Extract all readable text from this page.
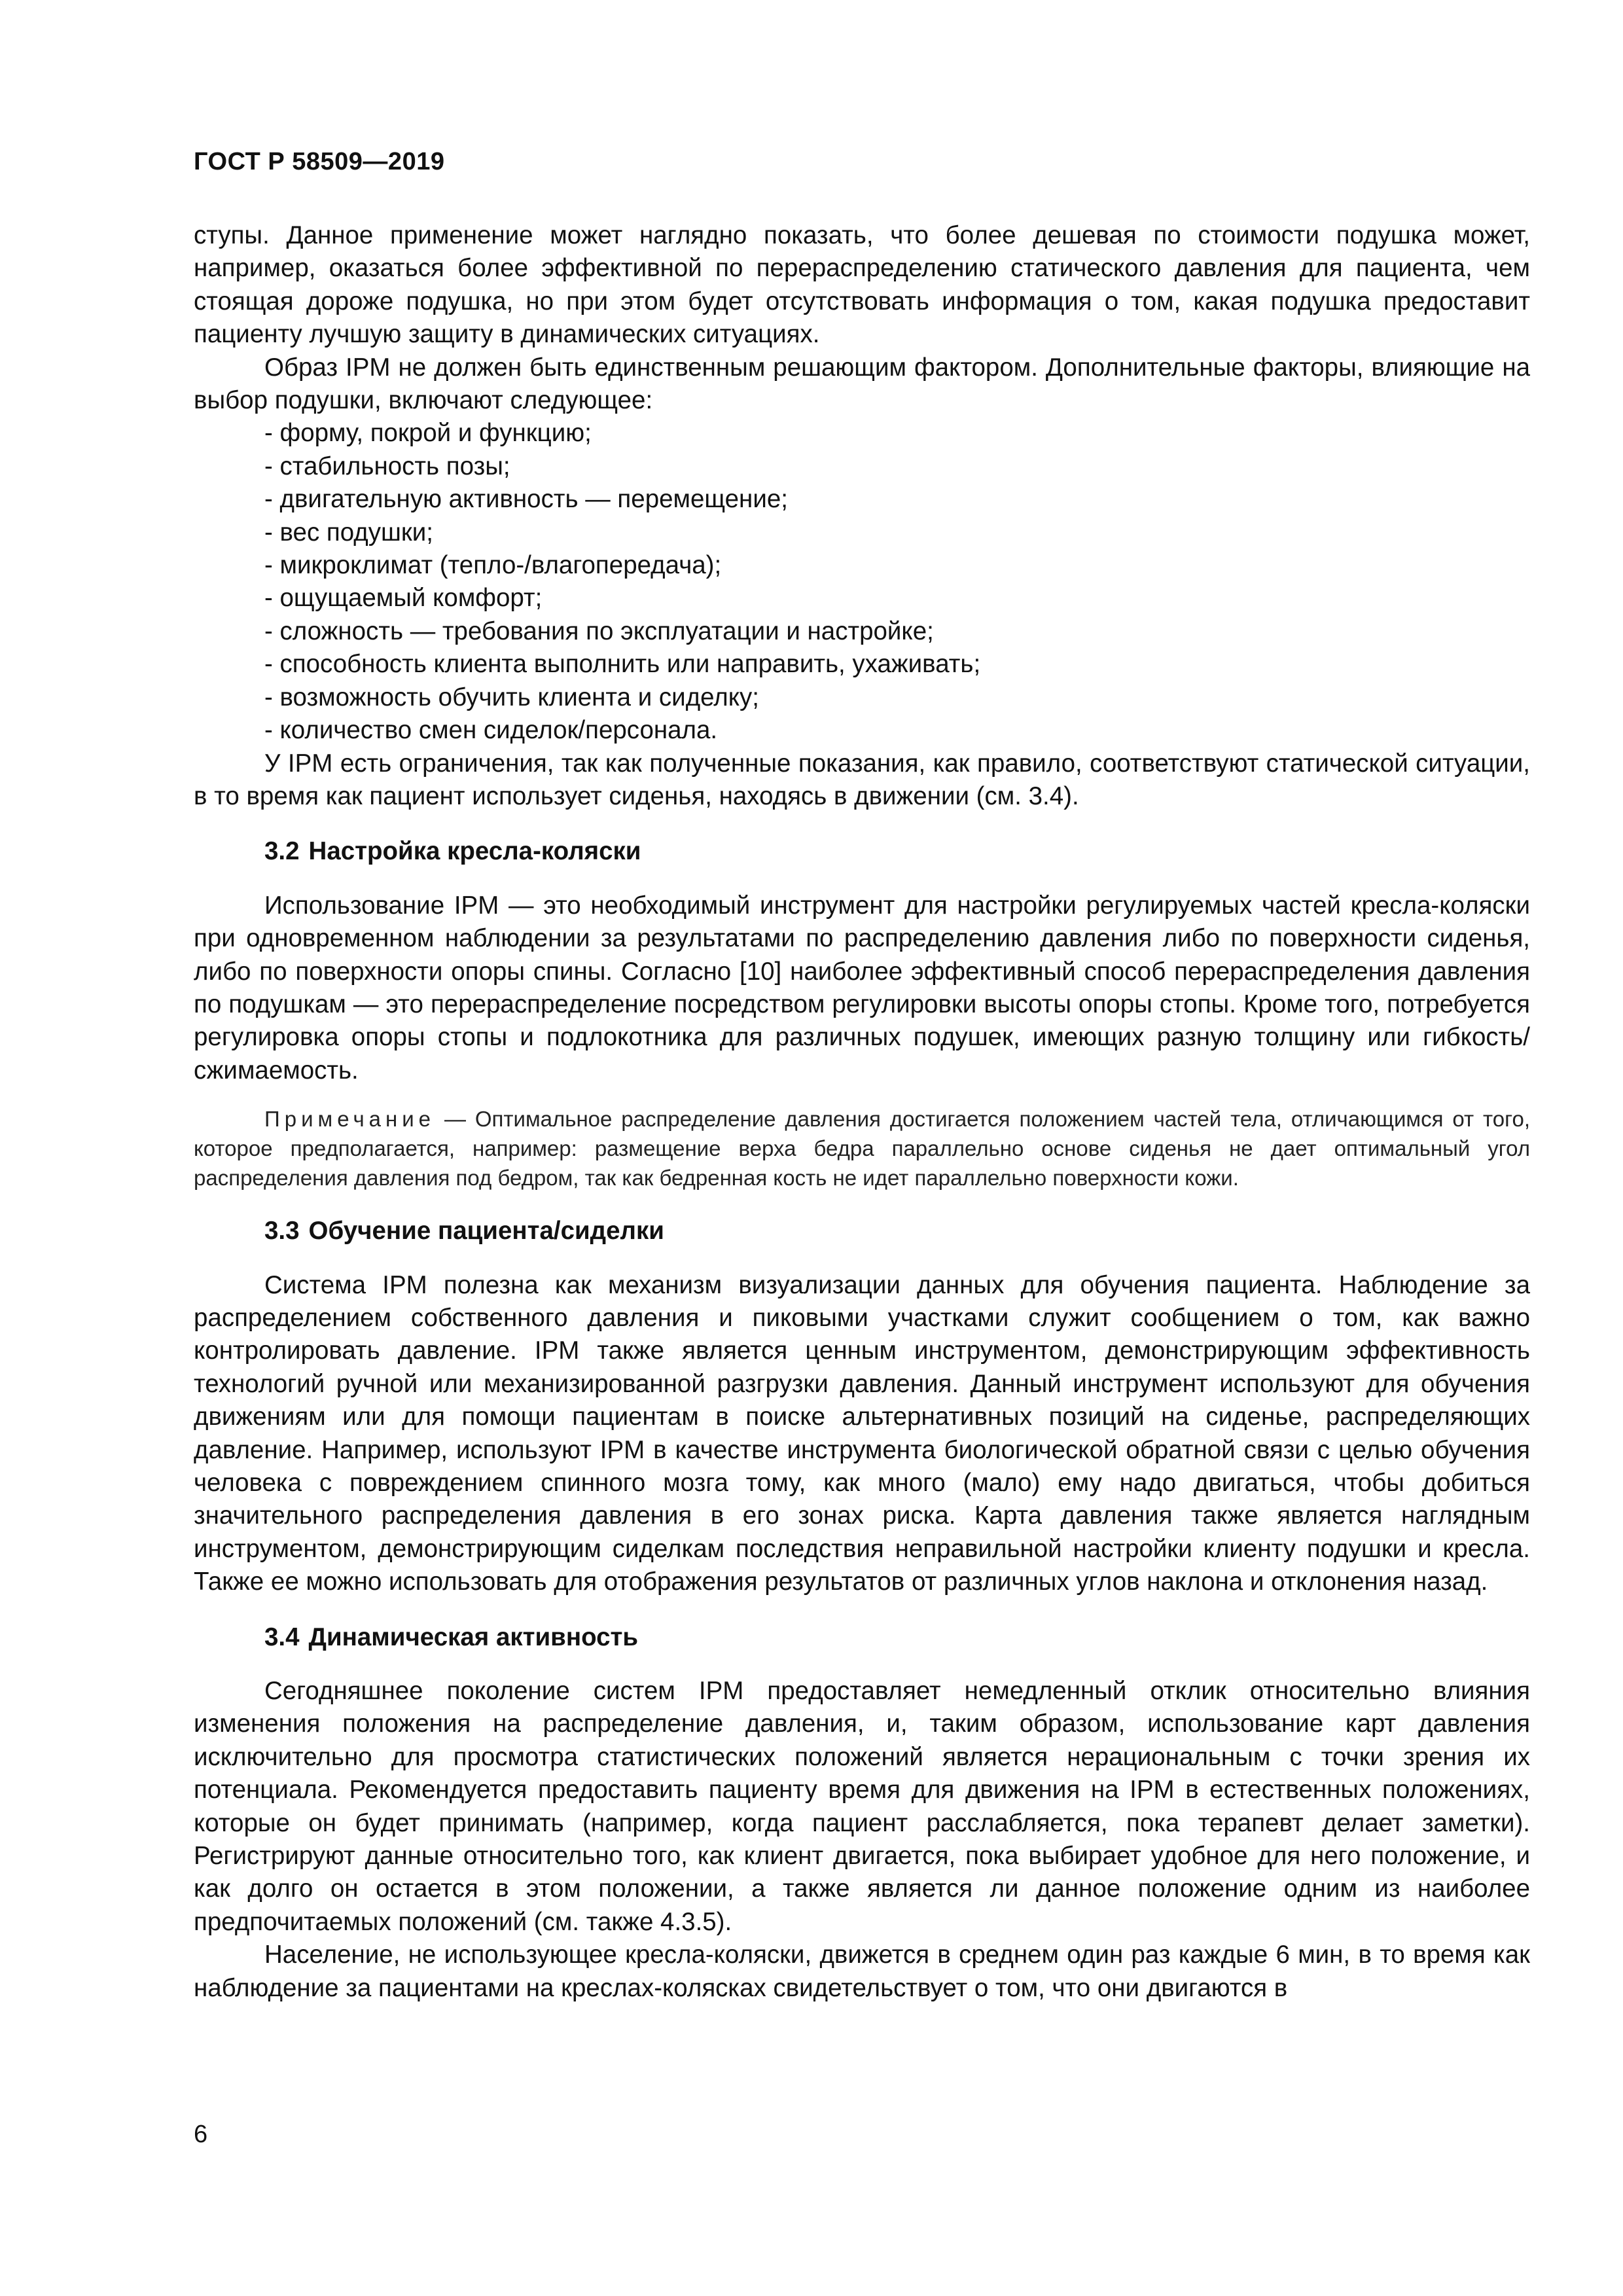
ГОСТ Р 58509—2019

ступы. Данное применение может наглядно показать, что более дешевая по стоимости подушка может, например, оказаться более эффективной по перераспределению статического давления для пациента, чем стоящая дороже подушка, но при этом будет отсутствовать информация о том, какая подушка предоставит пациенту лучшую защиту в динамических ситуациях.

Образ IPM не должен быть единственным решающим фактором. Дополнительные факторы, влияющие на выбор подушки, включают следующее:

- форму, покрой и функцию;
- стабильность позы;
- двигательную активность — перемещение;
- вес подушки;
- микроклимат (тепло-/влагопередача);
- ощущаемый комфорт;
- сложность — требования по эксплуатации и настройке;
- способность клиента выполнить или направить, ухаживать;
- возможность обучить клиента и сиделку;
- количество смен сиделок/персонала.

У IPM есть ограничения, так как полученные показания, как правило, соответствуют статической ситуации, в то время как пациент использует сиденья, находясь в движении (см. 3.4).

3.2 Настройка кресла-коляски

Использование IPM — это необходимый инструмент для настройки регулируемых частей кресла-коляски при одновременном наблюдении за результатами по распределению давления либо по поверхности сиденья, либо по поверхности опоры спины. Согласно [10] наиболее эффективный способ перераспределения давления по подушкам — это перераспределение посредством регулировки высоты опоры стопы. Кроме того, потребуется регулировка опоры стопы и подлокотника для различных подушек, имеющих разную толщину или гибкость/сжимаемость.

Примечание — Оптимальное распределение давления достигается положением частей тела, отличающимся от того, которое предполагается, например: размещение верха бедра параллельно основе сиденья не дает оптимальный угол распределения давления под бедром, так как бедренная кость не идет параллельно поверхности кожи.

3.3 Обучение пациента/сиделки

Система IPM полезна как механизм визуализации данных для обучения пациента. Наблюдение за распределением собственного давления и пиковыми участками служит сообщением о том, как важно контролировать давление. IPM также является ценным инструментом, демонстрирующим эффективность технологий ручной или механизированной разгрузки давления. Данный инструмент используют для обучения движениям или для помощи пациентам в поиске альтернативных позиций на сиденье, распределяющих давление. Например, используют IPM в качестве инструмента биологической обратной связи с целью обучения человека с повреждением спинного мозга тому, как много (мало) ему надо двигаться, чтобы добиться значительного распределения давления в его зонах риска. Карта давления также является наглядным инструментом, демонстрирующим сиделкам последствия неправильной настройки клиенту подушки и кресла. Также ее можно использовать для отображения результатов от различных углов наклона и отклонения назад.

3.4 Динамическая активность

Сегодняшнее поколение систем IPM предоставляет немедленный отклик относительно влияния изменения положения на распределение давления, и, таким образом, использование карт давления исключительно для просмотра статистических положений является нерациональным с точки зрения их потенциала. Рекомендуется предоставить пациенту время для движения на IPM в естественных положениях, которые он будет принимать (например, когда пациент расслабляется, пока терапевт делает заметки). Регистрируют данные относительно того, как клиент двигается, пока выбирает удобное для него положение, и как долго он остается в этом положении, а также является ли данное положение одним из наиболее предпочитаемых положений (см. также 4.3.5).

Население, не использующее кресла-коляски, движется в среднем один раз каждые 6 мин, в то время как наблюдение за пациентами на креслах-колясках свидетельствует о том, что они двигаются в

6
